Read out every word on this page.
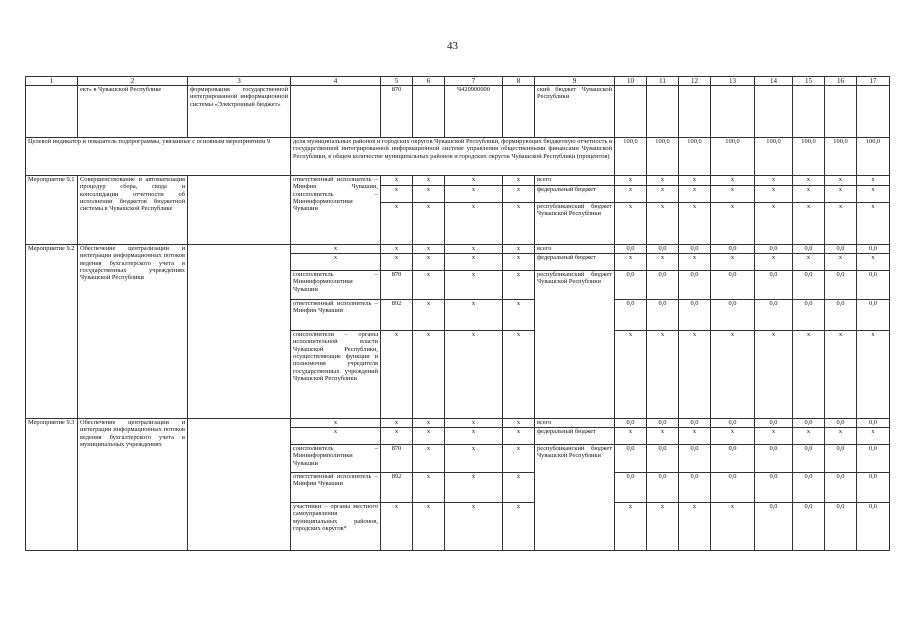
43
1	2	3	4	5	6	7	8	9	10	11	12	13	14	15	16	17
	ект» в Чувашской Республике	формирования государственной интегрированной информационной системы «Электронный бюджет»		870		Ч420900000		ский бюджет Чувашской Республики								
Целевой индикатор и показатель подпрограммы, увязанные с основным мероприятием 9			доля муниципальных районов и городских округов Чувашской Республики, формирующих бюджетную отчетность в государственной интегрированной информационной системе управления общественными финансами Чувашской Республики, в общем количестве муниципальных районов и городских округов Чувашской Республики (процентов)						100,0	100,0	100,0	100,0	100,0	100,0	100,0	100,0
Мероприятие 9.1	Совершенствование и автоматизация процедур сбора, свода и консолидации отчетности об исполнении бюджетов бюджетной системы в Чувашской Республике		ответственный исполнитель – Минфин Чувашии, соисполнитель – Мининформполитики Чувашии	x	x	x	x	всего	x	x	x	x	x	x	x	x
				x	x	x	x	федеральный бюджет	x	x	x	x	x	x	x	x
				x	x	x	x	республиканский бюджет Чувашской Республики	x	x	x	x	x	x	x	x
Мероприятие 9.2	Обеспечение централизации и интеграции информационных потоков ведения бухгалтерского учета в государственных учреждениях Чувашской Республики		x	x	x	x	x	всего	0,0	0,0	0,0	0,0	0,0	0,0	0,0	0,0
			x	x	x	x	x	федеральный бюджет	x	x	x	x	x	x	x	x
			соисполнитель – Мининформполитики Чувашии	870	x	x	x	республиканский бюджет Чувашской Республики	0,0	0,0	0,0	0,0	0,0	0,0	0,0	0,0
			ответственный исполнитель – Минфин Чувашии	892	x	x	x		0,0	0,0	0,0	0,0	0,0	0,0	0,0	0,0
			соисполнители – органы исполнительной власти Чувашской Республики, осуществляющие функции и полномочия учредителя государственных учреждений Чувашской Республики	x	x	x	x		x	x	x	x	x	x	x	x
Мероприятие 9.3	Обеспечение централизации и интеграции информационных потоков ведения бухгалтерского учета в муниципальных учреждениях		x	x	x	x	x	всего	0,0	0,0	0,0	0,0	0,0	0,0	0,0	0,0
			x	x	x	x	x	федеральный бюджет	x	x	x	x	x	x	x	x
			соисполнитель – Мининформполитики Чувашии	870	x	x	x	республиканский бюджет Чувашской Республики	0,0	0,0	0,0	0,0	0,0	0,0	0,0	0,0
			ответственный исполнитель – Минфин Чувашии	892	x	x	x		0,0	0,0	0,0	0,0	0,0	0,0	0,0	0,0
			участники – органы местного самоуправления муниципальных районов, городских округов*	x	x	x	x		x	x	x	x	0,0	0,0	0,0	0,0
